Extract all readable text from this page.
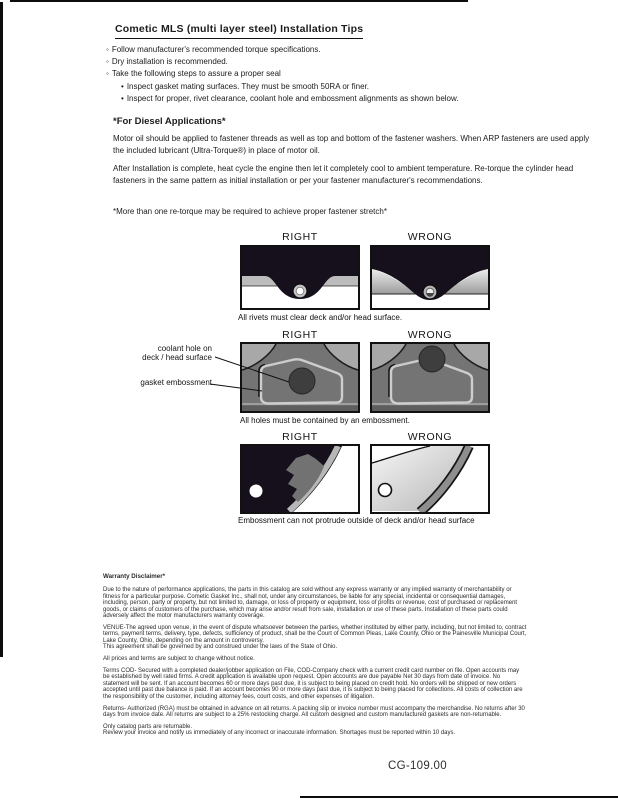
Cometic MLS (multi layer steel) Installation Tips
◦ Follow manufacturer's recommended torque specifications.
◦ Dry installation is recommended.
◦ Take the following steps to assure a proper seal
• Inspect gasket mating surfaces. They must be smooth 50RA or finer.
• Inspect for proper, rivet clearance, coolant hole and embossment alignments as shown below.
*For Diesel Applications*
Motor oil should be applied to fastener threads as well as top and bottom of the fastener washers. When ARP fasteners are used apply the included lubricant (Ultra-Torque®) in place of motor oil.
After Installation is complete, heat cycle the engine then let it completely cool to ambient temperature. Re-torque the cylinder head fasteners in the same pattern as initial installation or per your fastener manufacturer's recommendations.
*More than one re-torque may be required to achieve proper fastener stretch*
RIGHT	WRONG
All rivets must clear deck and/or head surface.
RIGHT	WRONG
coolant hole on
deck / head surface
gasket embossment
All holes must be contained by an embossment.
RIGHT	WRONG
Embossment can not protrude outside of deck and/or head surface

Warranty Disclaimer*

Due to the nature of performance applications, the parts in this catalog are sold without any express warranty or any implied warranty of merchantability or fitness for a particular purpose. Cometic Gasket Inc., shall not, under any circumstances, be liable for any special, incidental or consequential damages, including, person, party or property, but not limited to, damage, or loss of property or equipment, loss of profits or revenue, cost of purchased or replacement goods, or claims of customers of the purchase, which may arise and/or result from sale, installation or use of these parts. Installation of these parts could adversely affect the motor manufacturers warranty coverage.

VENUE-The agreed upon venue, in the event of dispute whatsoever between the parties, whether instituted by either party, including, but not limited to, contract terms, payment terms, delivery, type, defects, sufficiency of product, shall be the Court of Common Pleas, Lake County, Ohio or the Painesville Municipal Court, Lake County, Ohio, depending on the amount in controversy.

This agreement shall be governed by and construed under the laws of the State of Ohio.

All prices and terms are subject to change without notice.

Terms COD- Secured with a completed dealer/jobber application on File, COD-Company check with a current credit card number on file. Open accounts may be established by well rated firms. A credit application is available upon request. Open accounts are due payable Net 30 days from date of invoice. No statement will be sent. If an account becomes 60 or more days past due, it is subject to being placed on credit hold. No orders will be shipped or new orders accepted until past due balance is paid. If an account becomes 90 or more days past due, it is subject to being placed for collections. All costs of collection are the responsibility of the customer, including attorney fees, court costs, and other expenses of litigation.

Returns- Authorized (RGA) must be obtained in advance on all returns. A packing slip or invoice number must accompany the merchandise. No returns after 30 days from invoice date. All returns are subject to a 25% restocking charge. All custom designed and custom manufactured gaskets are non-returnable.

Only catalog parts are returnable.

Review your invoice and notify us immediately of any incorrect or inaccurate information. Shortages must be reported within 10 days.

CG-109.00
